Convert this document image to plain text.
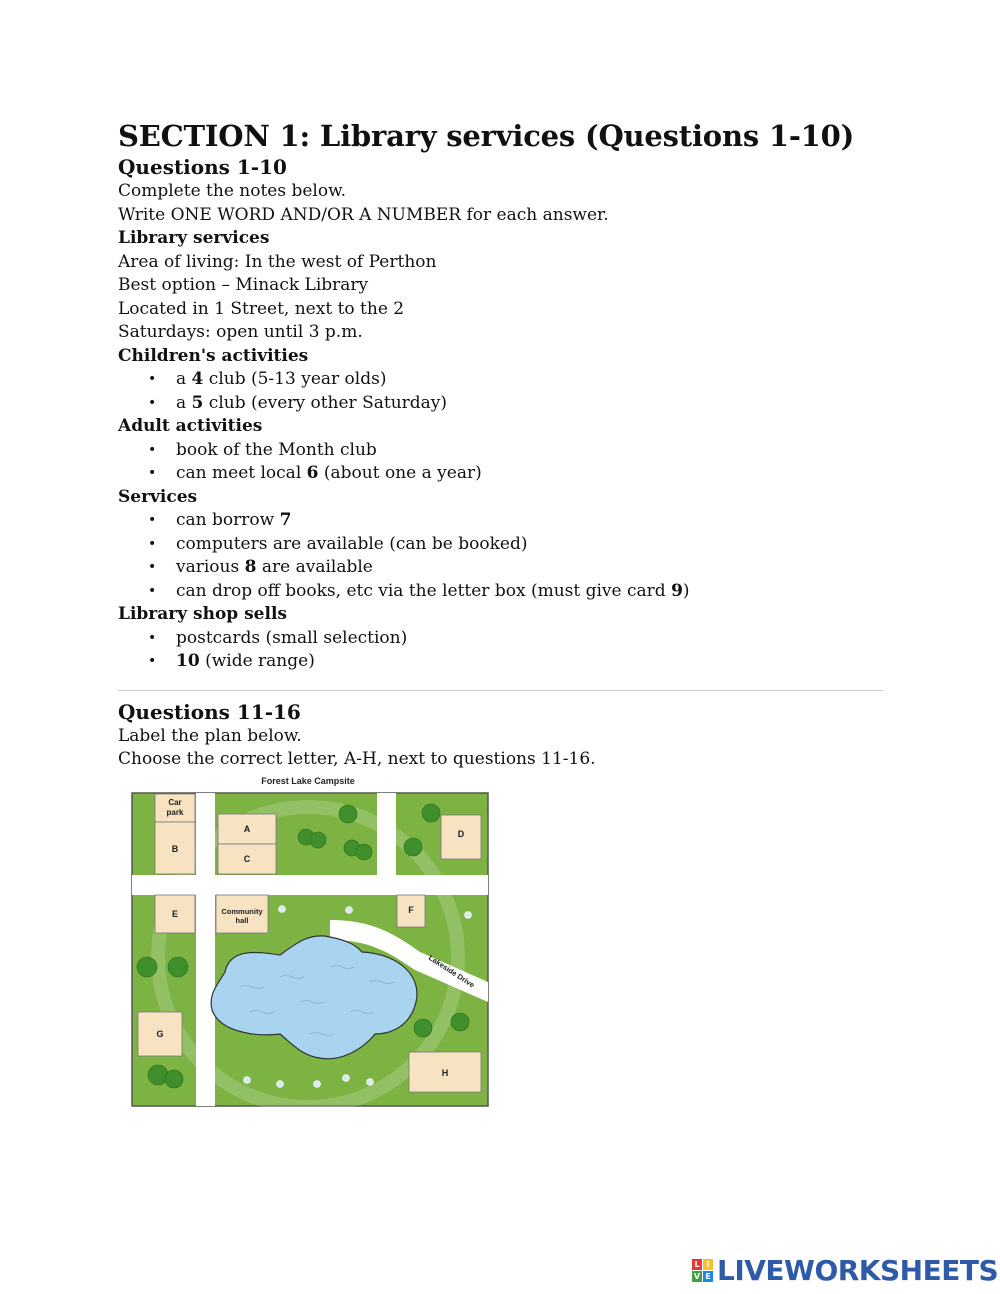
SECTION 1: Library services (Questions 1-10)
Questions 1-10
Complete the notes below.
Write ONE WORD AND/OR A NUMBER for each answer.
Library services
Area of living: In the west of Perthon
Best option – Minack Library
Located in 1 Street, next to the 2
Saturdays: open until 3 p.m.
Children's activities
• a 4 club (5-13 year olds)
• a 5 club (every other Saturday)
Adult activities
• book of the Month club
• can meet local 6 (about one a year)
Services
• can borrow 7
• computers are available (can be booked)
• various 8 are available
• can drop off books, etc via the letter box (must give card 9)
Library shop sells
• postcards (small selection)
• 10 (wide range)
Questions 11-16
Label the plan below.
Choose the correct letter, A-H, next to questions 11-16.
Forest Lake Campsite
Car
park
B
A
C
D
E	Community
hall
F
G
H
Lakeside Drive
L I
V E LIVEWORKSHEETS
